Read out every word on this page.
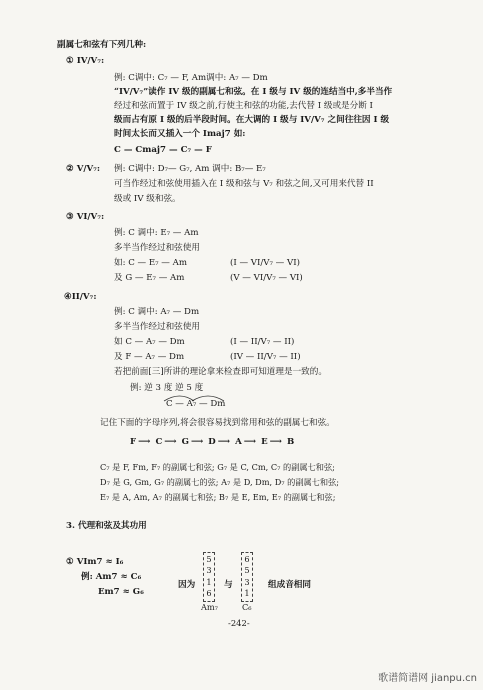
副属七和弦有下列几种:
① IV/V₇:
例: C调中: C₇ — F, Am调中: A₇ — Dm
“IV/V₇”读作 IV 级的副属七和弦。在 I 级与 IV 级的连结当中,多半当作
经过和弦而置于 IV 级之前,行使主和弦的功能,去代替 I 级或是分断 I
级而占有原 I 级的后半段时间。在大调的 I 级与 IV/V₇ 之间往往因 I 级
时间太长而又插入一个 Imaj7 如:
C — Cmaj7 — C₇ — F
② V/V₇: 例: C调中: D₇— G₇, Am 调中: B₇— E₇
可当作经过和弦使用插入在 I 级和弦与 V₇ 和弦之间,又可用来代替 II
级或 IV 级和弦。
③ VI/V₇:
例: C 调中: E₇ — Am
多半当作经过和弦使用
如: C — E₇ — Am	(I — VI/V₇ — VI)
及 G — E₇ — Am	(V — VI/V₇ — VI)
④II/V₇:
例: C 调中: A₇ — Dm
多半当作经过和弦使用
如 C — A₇ — Dm	(I — II/V₇ — II)
及 F — A₇ — Dm	(IV — II/V₇ — II)
若把前面[三]所讲的理论拿来检查即可知道理是一致的。
例: 逆 3 度 逆 5 度
C — A₇ — Dm
记住下面的字母序列,将会很容易找到常用和弦的副属七和弦。
F ⟶ C ⟶ G ⟶ D ⟶ A ⟶ E ⟶ B
C₇ 是 F, Fm, F₇ 的副属七和弦; G₇ 是 C, Cm, C₇ 的副属七和弦;
D₇ 是 G, Gm, G₇ 的副属七的弦; A₇ 是 D, Dm, D₇ 的副属七和弦;
E₇ 是 A, Am, A₇ 的副属七和弦; B₇ 是 E, Em, E₇ 的副属七和弦;
3. 代理和弦及其功用
① VIm7 ≈ I₆
例: Am7 ≈ C₆
Em7 ≈ G₆
因为
5
3
1
6
Am₇
与
6
5
3
1
C₆
组成音相同
-242-
歌谱简谱网 jianpu.cn
